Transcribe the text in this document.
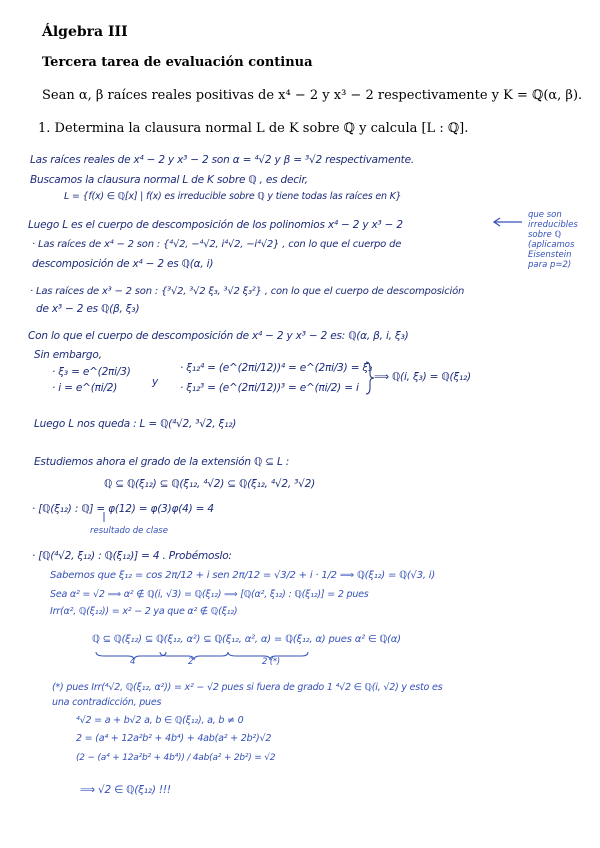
Álgebra III
Tercera tarea de evaluación continua
Sean α, β raíces reales positivas de x⁴ − 2 y x³ − 2 respectivamente y K = ℚ(α, β).
1. Determina la clausura normal L de K sobre ℚ y calcula [L : ℚ].
Las raíces reales de x⁴ − 2 y x³ − 2 son α = ⁴√2 y β = ³√2 respectivamente.
Buscamos la clausura normal L de K sobre ℚ , es decir,
L = {f(x) ∈ ℚ[x] | f(x) es irreducible sobre ℚ y tiene todas las raíces en K}
Luego L es el cuerpo de descomposición de los polinomios x⁴ − 2 y x³ − 2
· Las raíces de x⁴ − 2 son : {⁴√2, −⁴√2, i⁴√2, −i⁴√2} , con lo que el cuerpo de
descomposición de x⁴ − 2 es ℚ(α, i)
que son
irreducibles
sobre ℚ
(aplicamos
Eisenstein
para p=2)
· Las raíces de x³ − 2 son : {³√2, ³√2 ξ₃, ³√2 ξ₃²} , con lo que el cuerpo de descomposición
de x³ − 2 es ℚ(β, ξ₃)
Con lo que el cuerpo de descomposición de x⁴ − 2 y x³ − 2 es: ℚ(α, β, i, ξ₃)
Sin embargo,
· ξ₃ = e^(2πi/3)	· ξ₁₂⁴ = (e^(2πi/12))⁴ = e^(2πi/3) = ξ₃
· i = e^(πi/2)	y · ξ₁₂³ = (e^(2πi/12))³ = e^(πi/2) = i
⟹ ℚ(i, ξ₃) = ℚ(ξ₁₂)
Luego L nos queda : L = ℚ(⁴√2, ³√2, ξ₁₂)
Estudiemos ahora el grado de la extensión ℚ ⊆ L :
ℚ ⊆ ℚ(ξ₁₂) ⊆ ℚ(ξ₁₂, ⁴√2) ⊆ ℚ(ξ₁₂, ⁴√2, ³√2)
· [ℚ(ξ₁₂) : ℚ] = φ(12) = φ(3)φ(4) = 4
resultado de clase
· [ℚ(⁴√2, ξ₁₂) : ℚ(ξ₁₂)] = 4 . Probémoslo:
Sabemos que ξ₁₂ = cos 2π/12 + i sen 2π/12 = √3/2 + i · 1/2 ⟹ ℚ(ξ₁₂) = ℚ(√3, i)
Sea α² = √2 ⟹ α² ∉ ℚ(i, √3) = ℚ(ξ₁₂) ⟹ [ℚ(α², ξ₁₂) : ℚ(ξ₁₂)] = 2 pues
Irr(α², ℚ(ξ₁₂)) = x² − 2 ya que α² ∉ ℚ(ξ₁₂)
ℚ ⊆ ℚ(ξ₁₂) ⊆ ℚ(ξ₁₂, α²) ⊆ ℚ(ξ₁₂, α², α) = ℚ(ξ₁₂, α) pues α² ∈ ℚ(α)
4	2	2 (*)
(*) pues Irr(⁴√2, ℚ(ξ₁₂, α²)) = x² − √2 pues si fuera de grado 1 ⁴√2 ∈ ℚ(i, √2) y esto es
una contradicción, pues
⁴√2 = a + b√2 a, b ∈ ℚ(ξ₁₂), a, b ≠ 0
2 = (a⁴ + 12a²b² + 4b⁴) + 4ab(a² + 2b²)√2
(2 − (a⁴ + 12a²b² + 4b⁴)) / 4ab(a² + 2b²) = √2
⟹ √2 ∈ ℚ(ξ₁₂) !!!
